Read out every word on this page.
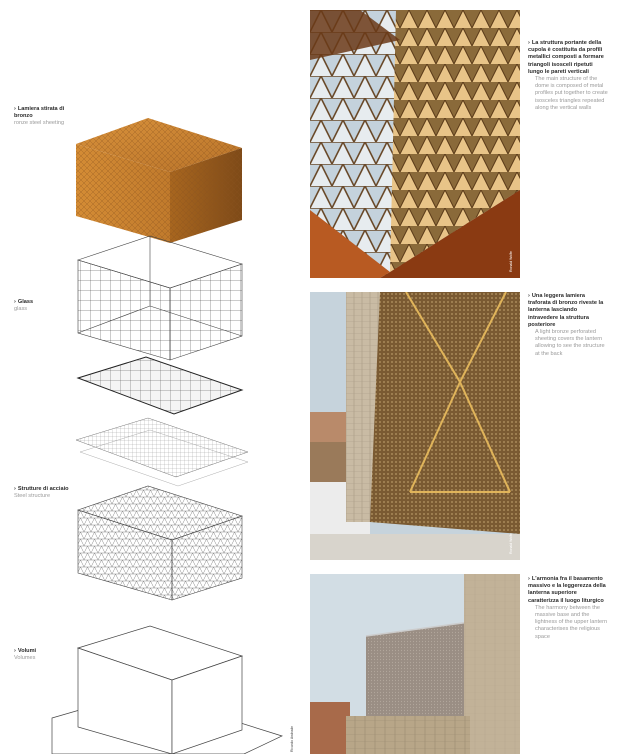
› Lamiera stirata di bronzo
ronze steel sheeting
› Glass
glass
› Strutture di acciaio
Steel structure
› Volumi
Volumes
Ricardo Andrade
Ronald Wolfe
› La struttura portante della cupola è costituita da profili metallici composti a formare triangoli isosceli ripetuti lungo le pareti verticali

The main structure of the dome is composed of metal profiles put together to create isosceles triangles repeated along the vertical walls
Ronald Wolfe
› Una leggera lamiera traforata di bronzo riveste la lanterna lasciando intravedere la struttura posteriore

A light bronze perforated sheeting covers the lantern allowing to see the structure at the back
› L'armonia fra il basamento massivo e la leggerezza della lanterna superiore caratterizza il luogo liturgico

The harmony between the massive base and the lightness of the upper lantern characterises the religious space
